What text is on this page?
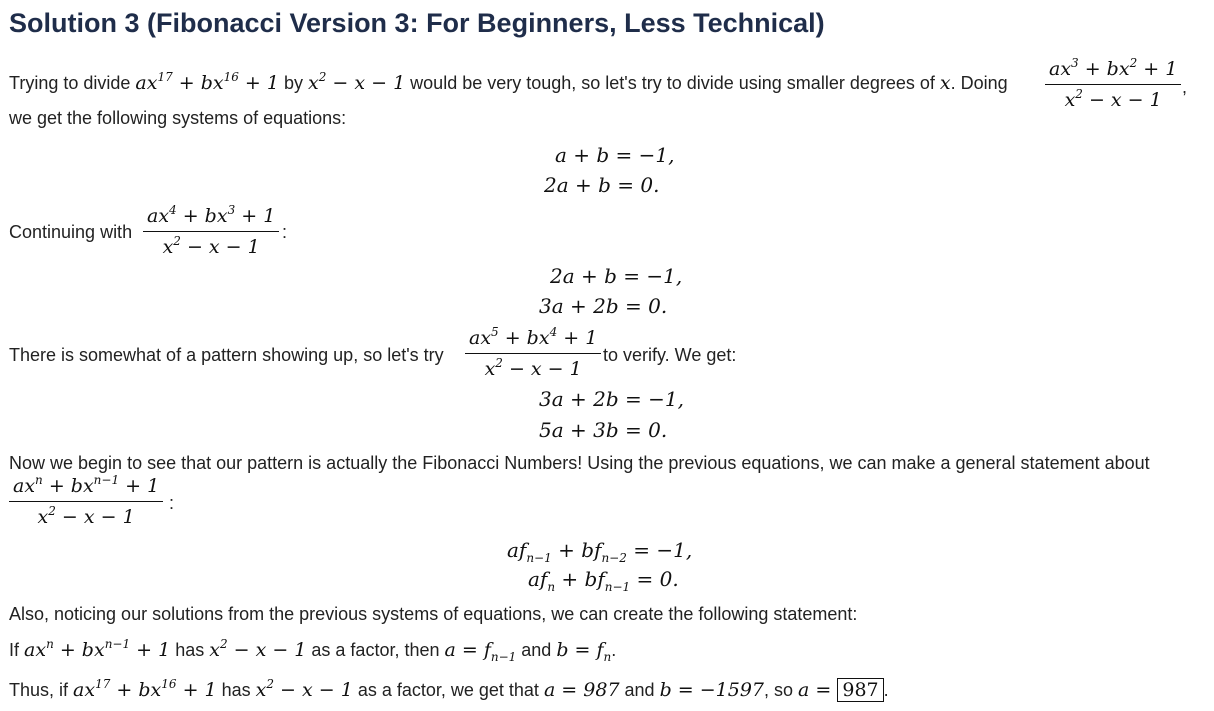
Solution 3 (Fibonacci Version 3: For Beginners, Less Technical)
Trying to divide $ax^{17} + bx^{16} + 1$ by $x^2 - x - 1$ would be very tough, so let's try to divide using smaller degrees of x. Doing $\frac{ax^3 + bx^2 + 1}{x^2 - x - 1}$ ,
we get the following systems of equations:
a + b = −1,
2a + b = 0.
Continuing with $\frac{ax^4 + bx^3 + 1}{x^2 - x - 1}$ :
2a + b = −1,
3a + 2b = 0.
There is somewhat of a pattern showing up, so let's try $\frac{ax^5 + bx^4 + 1}{x^2 - x - 1}$ to verify. We get:
3a + 2b = −1,
5a + 3b = 0.
Now we begin to see that our pattern is actually the Fibonacci Numbers! Using the previous equations, we can make a general statement about
$ax^n + bx^{n-1} + 1$
$x^2 - x - 1$
:
$af_{n-1} + bf_{n-2} = -1$,
$af_n + bf_{n-1} = 0$.
Also, noticing our solutions from the previous systems of equations, we can create the following statement:
If $ax^n + bx^{n-1} + 1$ has $x^2 - x - 1$ as a factor, then $a = f_{n-1}$ and $b = f_n$.
Thus, if $ax^{17} + bx^{16} + 1$ has $x^2 - x - 1$ as a factor, we get that a = 987 and b = −1597, so a = 987 .
